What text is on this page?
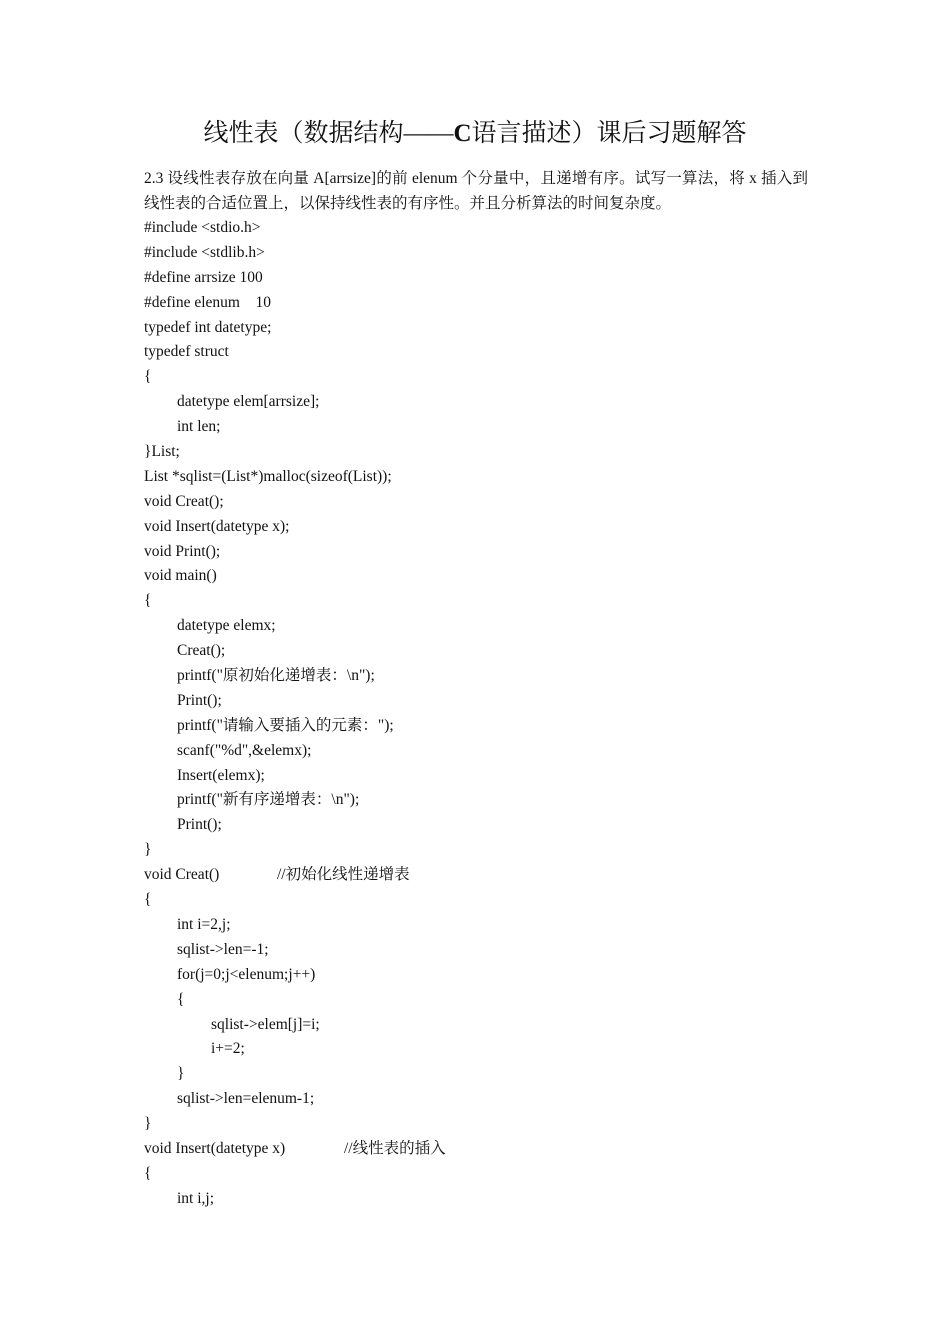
线性表（数据结构——C语言描述）课后习题解答
2.3 设线性表存放在向量 A[arrsize]的前 elenum 个分量中，且递增有序。试写一算法，将 x 插入到线性表的合适位置上，以保持线性表的有序性。并且分析算法的时间复杂度。
#include <stdio.h>
#include <stdlib.h>
#define arrsize 100
#define elenum    10
typedef int datetype;
typedef struct
{
datetype elem[arrsize];
int len;
}List;
List *sqlist=(List*)malloc(sizeof(List));
void Creat();
void Insert(datetype x);
void Print();
void main()
{
datetype elemx;
Creat();
printf("原初始化递增表：\n");
Print();
printf("请输入要插入的元素：");
scanf("%d",&elemx);
Insert(elemx);
printf("新有序递增表：\n");
Print();
}
void Creat()	//初始化线性递增表
{
int i=2,j;
sqlist->len=-1;
for(j=0;j<elenum;j++)
{
sqlist->elem[j]=i;
i+=2;
}
sqlist->len=elenum-1;
}
void Insert(datetype x)	//线性表的插入
{
int i,j;
